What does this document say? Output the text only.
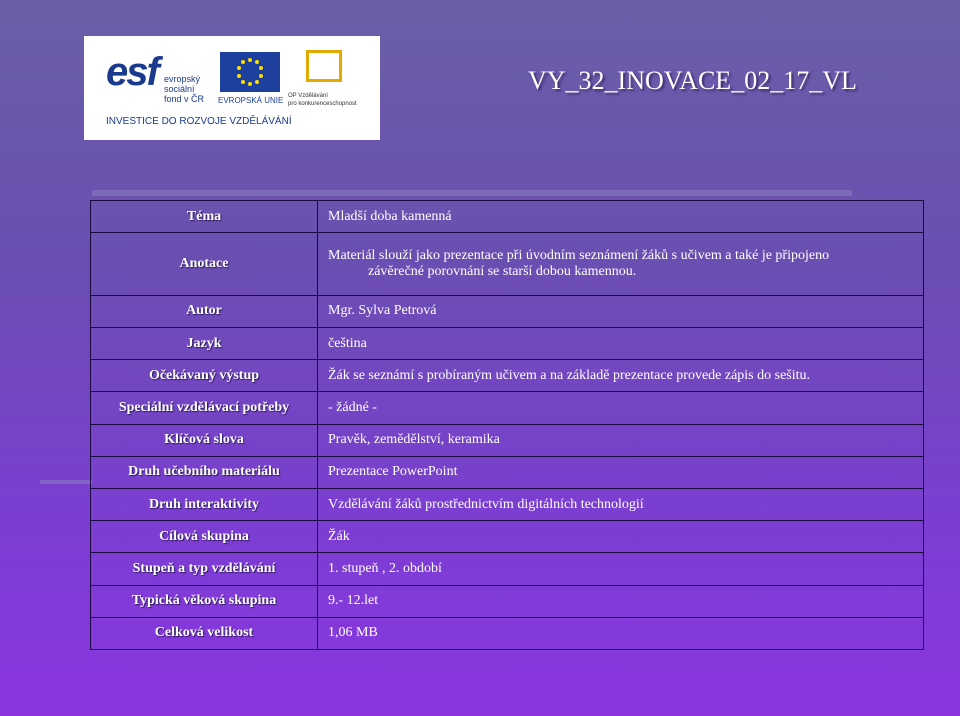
esf evropský
sociální
fond v ČR	EVROPSKÁ UNIE OP Vzdělávání
pro konkurenceschopnost
INVESTICE DO ROZVOJE VZDĚLÁVÁNÍ
VY_32_INOVACE_02_17_VL
Téma	Mladší doba kamenná
Anotace	Materiál slouží jako prezentace při úvodním seznámení žáků s učivem a také je připojeno
závěrečné porovnání se starší dobou kamennou.

Autor	Mgr. Sylva Petrová
Jazyk	čeština
Očekávaný výstup	Žák se seznámí s probíraným učivem a na základě prezentace provede zápis do sešitu.
Speciální vzdělávací potřeby	- žádné -
Klíčová slova	Pravěk, zemědělství, keramika
Druh učebního materiálu	Prezentace PowerPoint
Druh interaktivity	Vzdělávání žáků prostřednictvím digitálních technologií
Cílová skupina	Žák
Stupeň a typ vzdělávání	1. stupeň , 2. období
Typická věková skupina	9.- 12.let
Celková velikost	1,06 MB
